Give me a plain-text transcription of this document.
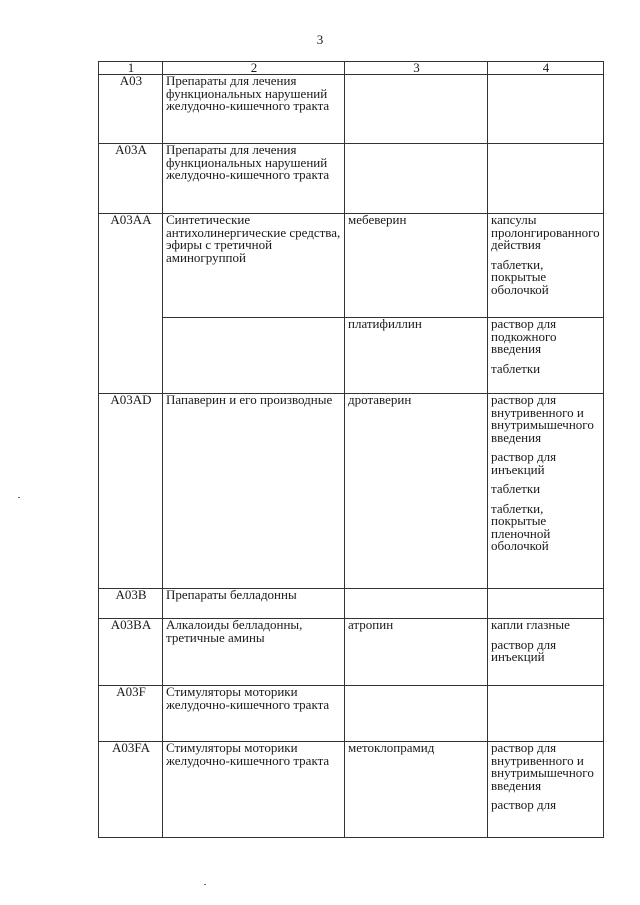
3
1	2	3	4
A03	Препараты для лечения функциональных нарушений желудочно-кишечного тракта		
A03A	Препараты для лечения функциональных нарушений желудочно-кишечного тракта		
A03AA	Синтетические антихолинергические средства, эфиры с третичной аминогруппой	мебеверин	капсулы пролонгированного действия
таблетки, покрытые оболочкой

		платифиллин	раствор для подкожного введения
таблетки

A03AD	Папаверин и его производные	дротаверин	раствор для внутривенного и внутримышечного введения
раствор для инъекций
таблетки
таблетки, покрытые пленочной оболочкой

A03B	Препараты белладонны		
A03BA	Алкалоиды белладонны, третичные амины	атропин	капли глазные
раствор для инъекций

A03F	Стимуляторы моторики желудочно-кишечного тракта		
A03FA	Стимуляторы моторики желудочно-кишечного тракта	метоклопрамид	раствор для внутривенного и внутримышечного введения
раствор для
